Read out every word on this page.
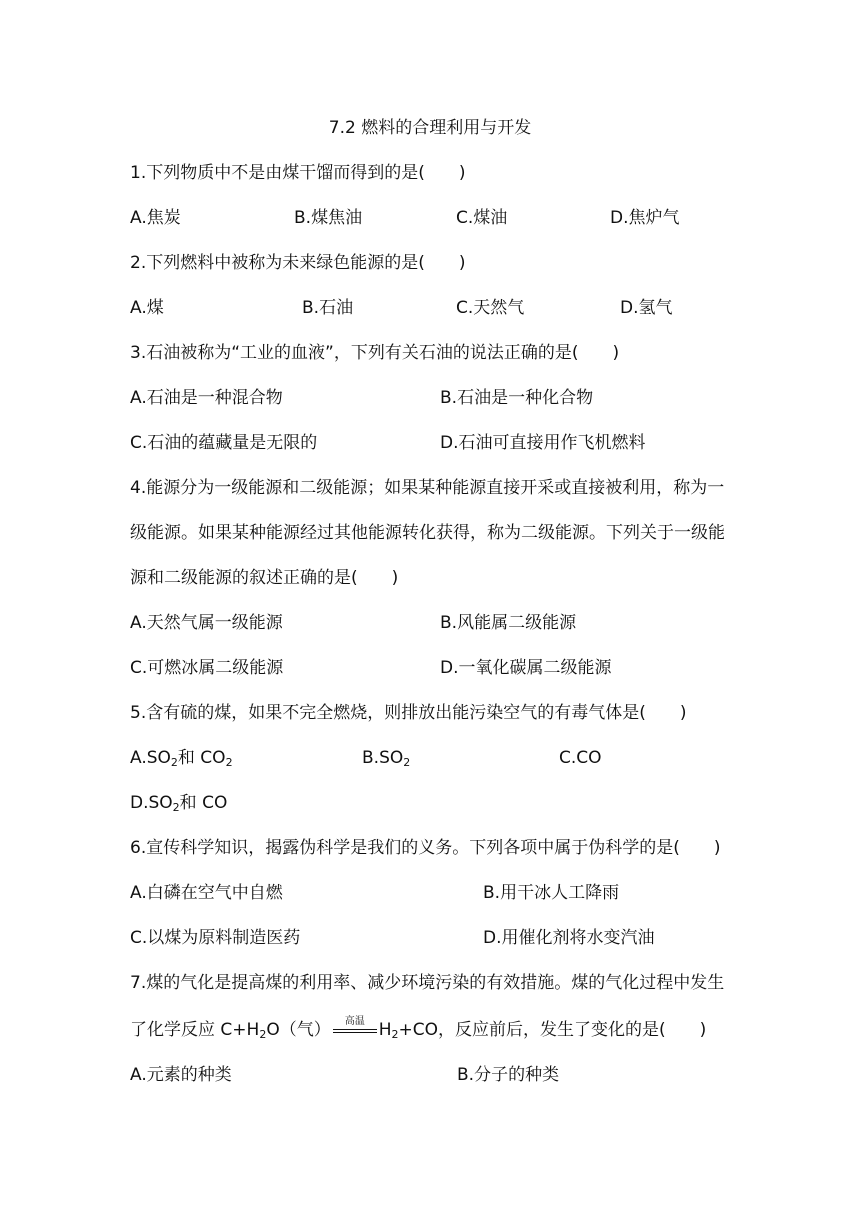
7.2 燃料的合理利用与开发
1.下列物质中不是由煤干馏而得到的是(　　)
A.焦炭	B.煤焦油	C.煤油	D.焦炉气
2.下列燃料中被称为未来绿色能源的是(　　)
A.煤	B.石油	C.天然气	D.氢气
3.石油被称为“工业的血液”，下列有关石油的说法正确的是(　　)
A.石油是一种混合物	B.石油是一种化合物
C.石油的蕴藏量是无限的	D.石油可直接用作飞机燃料
4.能源分为一级能源和二级能源；如果某种能源直接开采或直接被利用，称为一
级能源。如果某种能源经过其他能源转化获得，称为二级能源。下列关于一级能
源和二级能源的叙述正确的是(　　)
A.天然气属一级能源	B.风能属二级能源
C.可燃冰属二级能源	D.一氧化碳属二级能源
5.含有硫的煤，如果不完全燃烧，则排放出能污染空气的有毒气体是(　　)
$A.SO_2$和 $CO_2$	$B.SO_2$	C.CO
$D.SO_2$和 CO
6.宣传科学知识，揭露伪科学是我们的义务。下列各项中属于伪科学的是(　　)
A.白磷在空气中自燃	B.用干冰人工降雨
C.以煤为原料制造医药	D.用催化剂将水变汽油
7.煤的气化是提高煤的利用率、减少环境污染的有效措施。煤的气化过程中发生
了化学反应 $C+H_2O$（气）	高温 $H_2+CO$，反应前后，发生了变化的是(　　)
A.元素的种类	B.分子的种类
